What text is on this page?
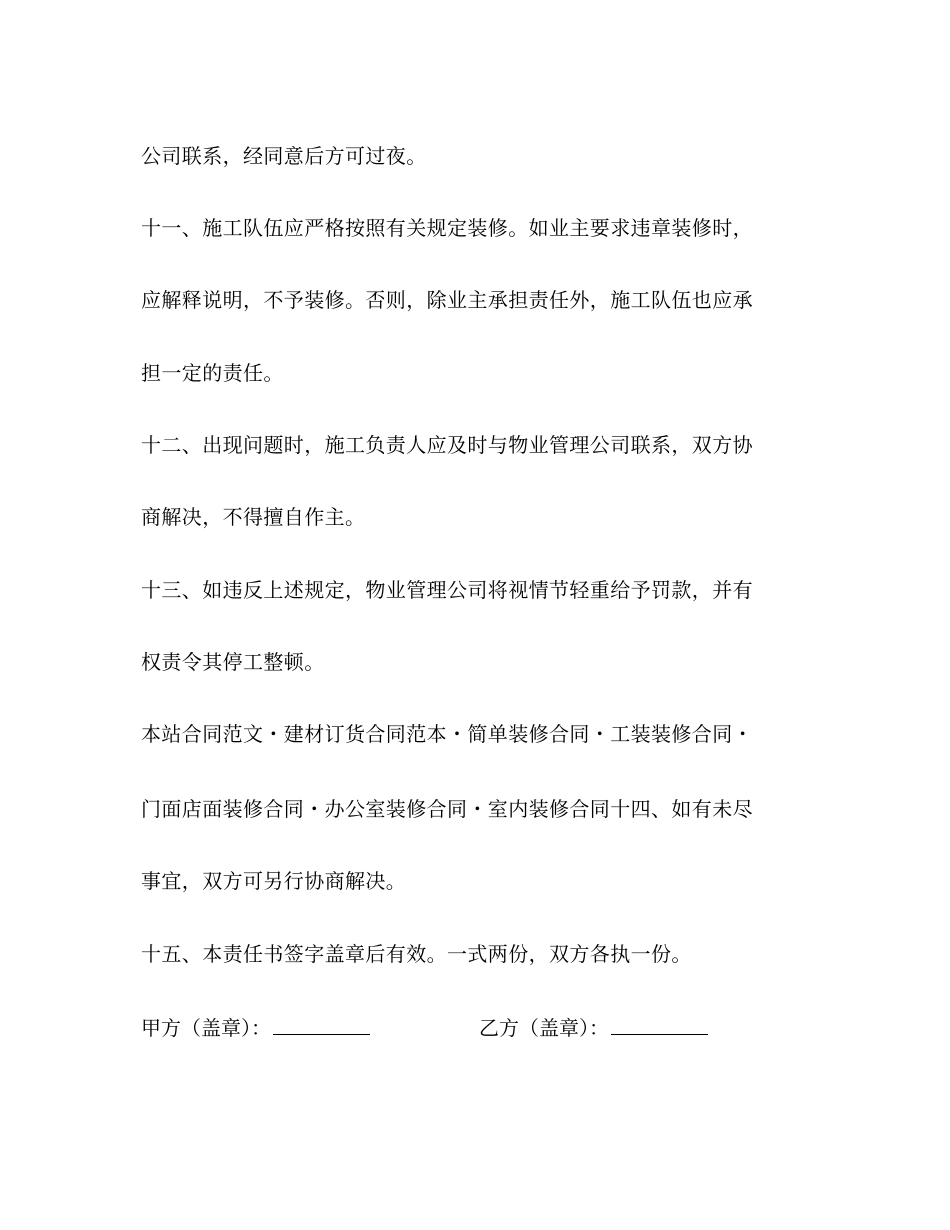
公司联系，经同意后方可过夜。
十一、施工队伍应严格按照有关规定装修。如业主要求违章装修时，
应解释说明，不予装修。否则，除业主承担责任外，施工队伍也应承
担一定的责任。
十二、出现问题时，施工负责人应及时与物业管理公司联系，双方协
商解决，不得擅自作主。
十三、如违反上述规定，物业管理公司将视情节轻重给予罚款，并有
权责令其停工整顿。
本站合同范文・建材订货合同范本・简单装修合同・工装装修合同・
门面店面装修合同・办公室装修合同・室内装修合同十四、如有未尽
事宜，双方可另行协商解决。
十五、本责任书签字盖章后有效。一式两份，双方各执一份。
甲方（盖章）：	乙方（盖章）：
